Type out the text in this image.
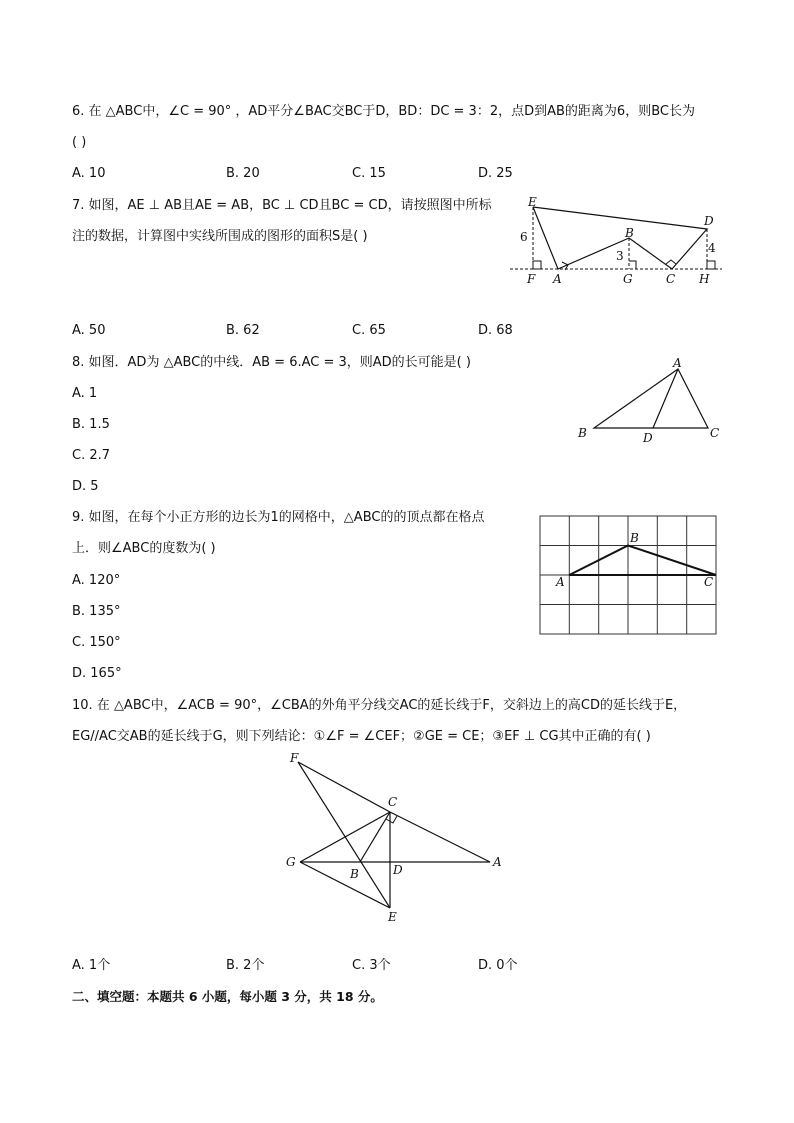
6. 在 △ABC中，∠C = 90° ，AD平分∠BAC交BC于D，BD：DC = 3：2，点D到AB的距离为6，则BC长为
( )
A. 10	B. 20	C. 15	D. 25
7. 如图，AE ⊥ AB且AE = AB，BC ⊥ CD且BC = CD，请按照图中所标
注的数据，计算图中实线所围成的图形的面积S是( )
E
D
B
F A	G	C H
6
3
4
A. 50	B. 62	C. 65	D. 68
8. 如图．AD为 △ABC的中线．AB = 6.AC = 3，则AD的长可能是( )
A. 1
B. 1.5
C. 2.7
D. 5
A
B	C
D
9. 如图，在每个小正方形的边长为1的网格中，△ABC的的顶点都在格点
上．则∠ABC的度数为( )
A. 120°
B. 135°
C. 150°
D. 165°
B
A	C
10. 在 △ABC中，∠ACB = 90°，∠CBA的外角平分线交AC的延长线于F，交斜边上的高CD的延长线于E，
EG//AC交AB的延长线于G，则下列结论：①∠F = ∠CEF；②GE = CE；③EF ⊥ CG其中正确的有( )
F
C
G
B	D
A
E
A. 1个	B. 2个	C. 3个	D. 0个
二、填空题：本题共 6 小题，每小题 3 分，共 18 分。
